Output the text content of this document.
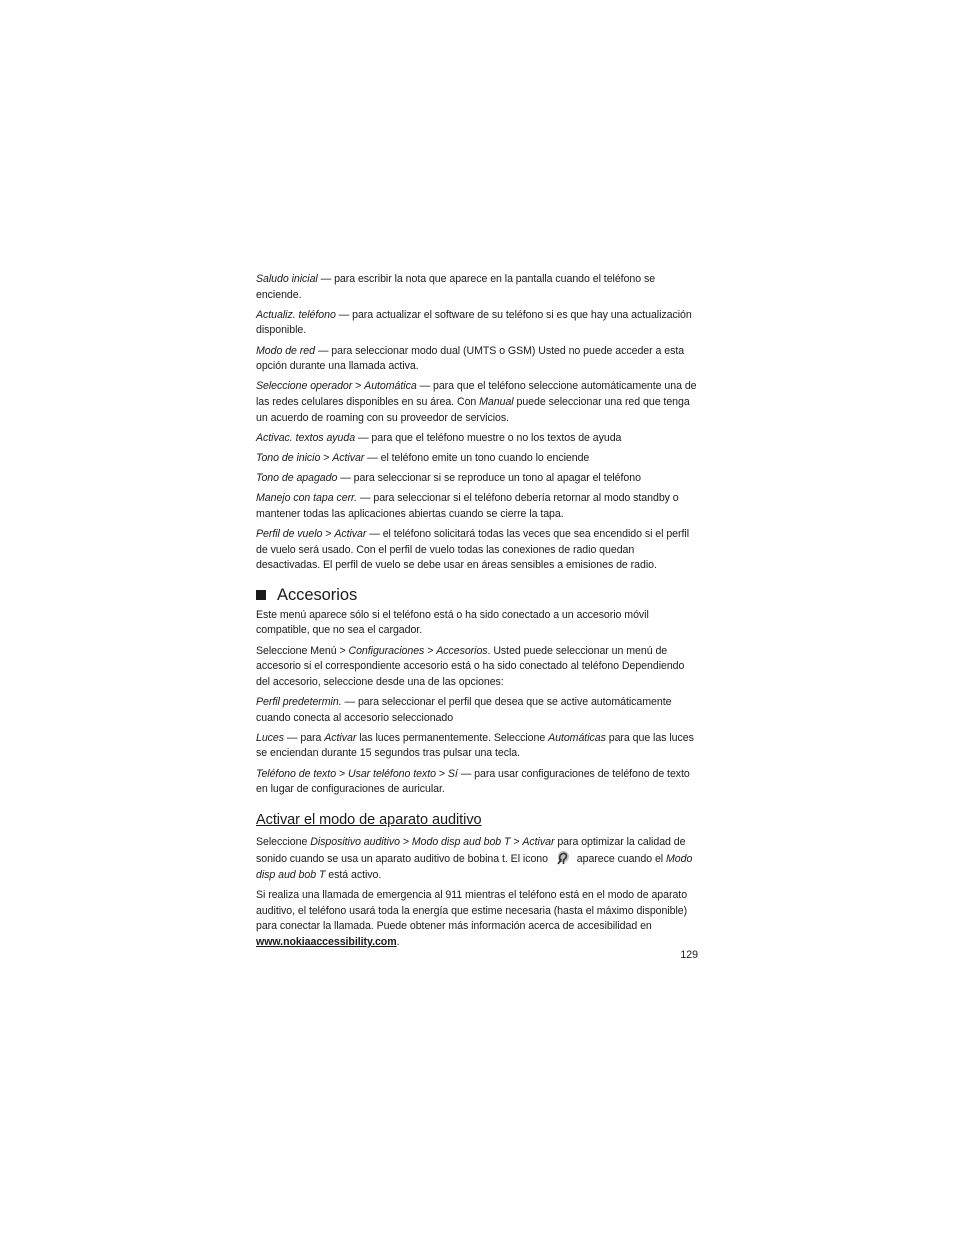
Saludo inicial — para escribir la nota que aparece en la pantalla cuando el teléfono se enciende.

Actualiz. teléfono — para actualizar el software de su teléfono si es que hay una actualización disponible.

Modo de red — para seleccionar modo dual (UMTS o GSM) Usted no puede acceder a esta opción durante una llamada activa.

Seleccione operador > Automática — para que el teléfono seleccione automáticamente una de las redes celulares disponibles en su área. Con Manual puede seleccionar una red que tenga un acuerdo de roaming con su proveedor de servicios.

Activac. textos ayuda — para que el teléfono muestre o no los textos de ayuda

Tono de inicio > Activar — el teléfono emite un tono cuando lo enciende

Tono de apagado — para seleccionar si se reproduce un tono al apagar el teléfono

Manejo con tapa cerr. — para seleccionar si el teléfono debería retornar al modo standby o mantener todas las aplicaciones abiertas cuando se cierre la tapa.

Perfil de vuelo > Activar — el teléfono solicitará todas las veces que sea encendido si el perfil de vuelo será usado. Con el perfil de vuelo todas las conexiones de radio quedan desactivadas. El perfil de vuelo se debe usar en áreas sensibles a emisiones de radio.

Accesorios

Este menú aparece sólo si el teléfono está o ha sido conectado a un accesorio móvil compatible, que no sea el cargador.

Seleccione Menú > Configuraciones > Accesorios. Usted puede seleccionar un menú de accesorio si el correspondiente accesorio está o ha sido conectado al teléfono Dependiendo del accesorio, seleccione desde una de las opciones:

Perfil predetermin. — para seleccionar el perfil que desea que se active automáticamente cuando conecta al accesorio seleccionado

Luces — para Activar las luces permanentemente. Seleccione Automáticas para que las luces se enciendan durante 15 segundos tras pulsar una tecla.

Teléfono de texto > Usar teléfono texto > Sí — para usar configuraciones de teléfono de texto en lugar de configuraciones de auricular.

Activar el modo de aparato auditivo

Seleccione Dispositivo auditivo > Modo disp aud bob T > Activar para optimizar la calidad de sonido cuando se usa un aparato auditivo de bobina t. El icono  aparece cuando el Modo disp aud bob T está activo.

Si realiza una llamada de emergencia al 911 mientras el teléfono está en el modo de aparato auditivo, el teléfono usará toda la energía que estime necesaria (hasta el máximo disponible) para conectar la llamada. Puede obtener más información acerca de accesibilidad en www.nokiaaccessibility.com.

129
